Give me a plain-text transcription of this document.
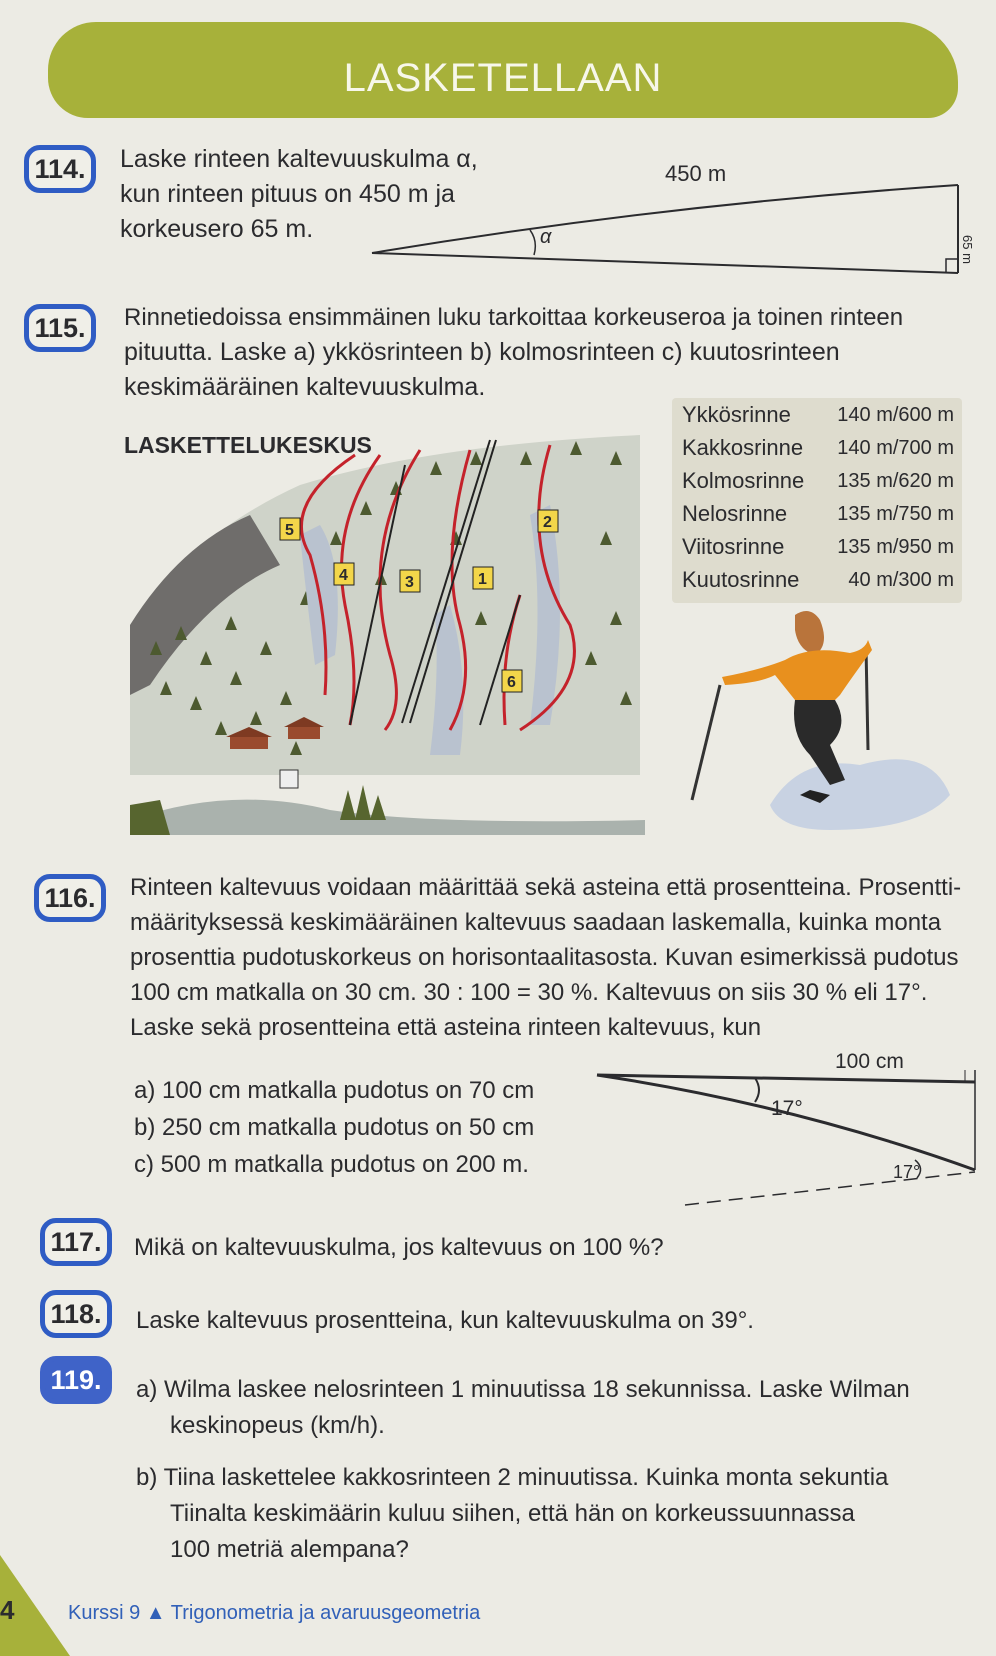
LASKETELLAAN
114.	Laske rinteen kaltevuuskulma α,
kun rinteen pituus on 450 m ja
korkeusero 65 m.
450 m
α	65 m
115.	Rinnetiedoissa ensimmäinen luku tarkoittaa korkeuseroa ja toinen rinteen
pituutta. Laske a) ykkösrinteen b) kolmosrinteen c) kuutosrinteen
keskimääräinen kaltevuuskulma.
5
4	3	1
2
6
LASKETTELUKESKUS
Ykkösrinne 140 m/600 m
Kakkosrinne 140 m/700 m
Kolmosrinne 135 m/620 m
Nelosrinne	135 m/750 m
Viitosrinne	135 m/950 m
Kuutosrinne 40 m/300 m
116.	Rinteen kaltevuus voidaan määrittää sekä asteina että prosentteina. Prosentti-
määrityksessä keskimääräinen kaltevuus saadaan laskemalla, kuinka monta
prosenttia pudotuskorkeus on horisontaalitasosta. Kuvan esimerkissä pudotus
100 cm matkalla on 30 cm. 30 : 100 = 30 %. Kaltevuus on siis 30 % eli 17°.
Laske sekä prosentteina että asteina rinteen kaltevuus, kun
a) 100 cm matkalla pudotus on 70 cm
b) 250 cm matkalla pudotus on 50 cm
c) 500 m matkalla pudotus on 200 m.
100 cm
17°
17°
117.	Mikä on kaltevuuskulma, jos kaltevuus on 100 %?
118.	Laske kaltevuus prosentteina, kun kaltevuuskulma on 39°.
119.	a) Wilma laskee nelosrinteen 1 minuutissa 18 sekunnissa. Laske Wilman
keskinopeus (km/h).
b) Tiina laskettelee kakkosrinteen 2 minuutissa. Kuinka monta sekuntia
Tiinalta keskimäärin kuluu siihen, että hän on korkeussuunnassa
100 metriä alempana?
4	Kurssi 9 ▲ Trigonometria ja avaruusgeometria
